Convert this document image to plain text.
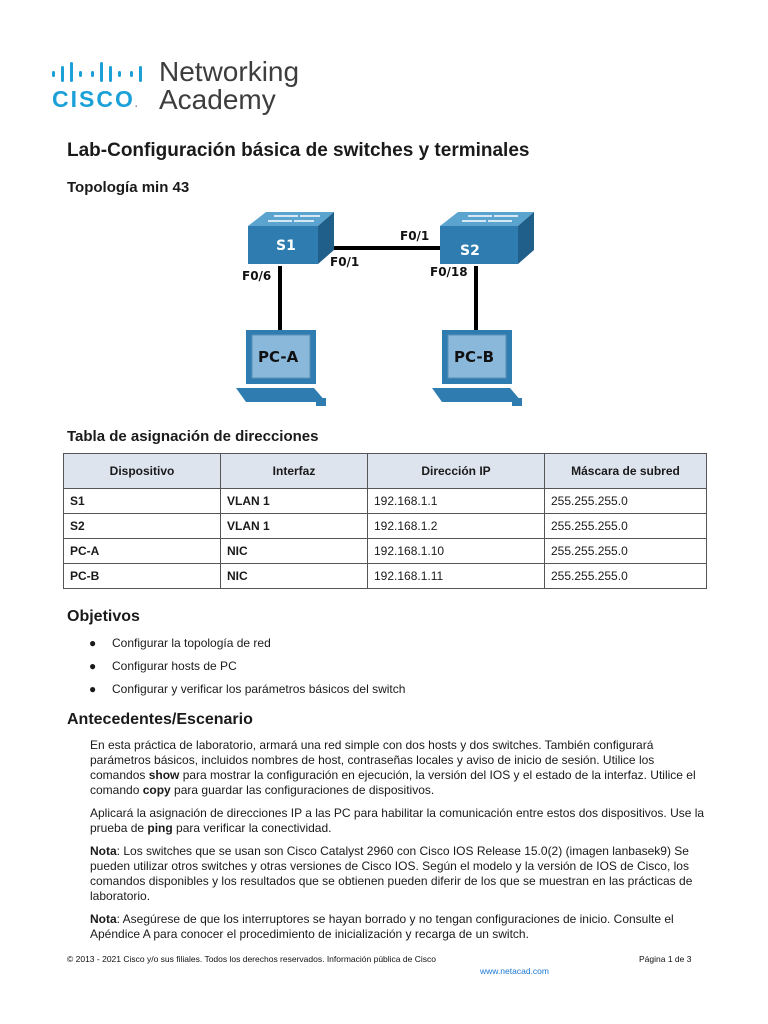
CISCO.
Networking
Academy
Lab-Configuración básica de switches y terminales
Topología min 43
S1	S2
F0/6
F0/1
F0/1
F0/18
PC-A	PC-B
Tabla de asignación de direcciones
Dispositivo	Interfaz	Dirección IP	Máscara de subred
S1	VLAN 1	192.168.1.1	255.255.255.0
S2	VLAN 1	192.168.1.2	255.255.255.0
PC-A	NIC	192.168.1.10	255.255.255.0
PC-B	NIC	192.168.1.11	255.255.255.0
Objetivos
● Configurar la topología de red
● Configurar hosts de PC
● Configurar y verificar los parámetros básicos del switch
Antecedentes/Escenario

En esta práctica de laboratorio, armará una red simple con dos hosts y dos switches. También configurará parámetros básicos, incluidos nombres de host, contraseñas locales y aviso de inicio de sesión. Utilice los comandos show para mostrar la configuración en ejecución, la versión del IOS y el estado de la interfaz. Utilice el comando copy para guardar las configuraciones de dispositivos.

Aplicará la asignación de direcciones IP a las PC para habilitar la comunicación entre estos dos dispositivos. Use la prueba de ping para verificar la conectividad.

Nota: Los switches que se usan son Cisco Catalyst 2960 con Cisco IOS Release 15.0(2) (imagen lanbasek9) Se pueden utilizar otros switches y otras versiones de Cisco IOS. Según el modelo y la versión de IOS de Cisco, los comandos disponibles y los resultados que se obtienen pueden diferir de los que se muestran en las prácticas de laboratorio.

Nota: Asegúrese de que los interruptores se hayan borrado y no tengan configuraciones de inicio. Consulte el Apéndice A para conocer el procedimiento de inicialización y recarga de un switch.

© 2013 - 2021 Cisco y/o sus filiales. Todos los derechos reservados. Información pública de Cisco	Página 1 de 3
www.netacad.com
